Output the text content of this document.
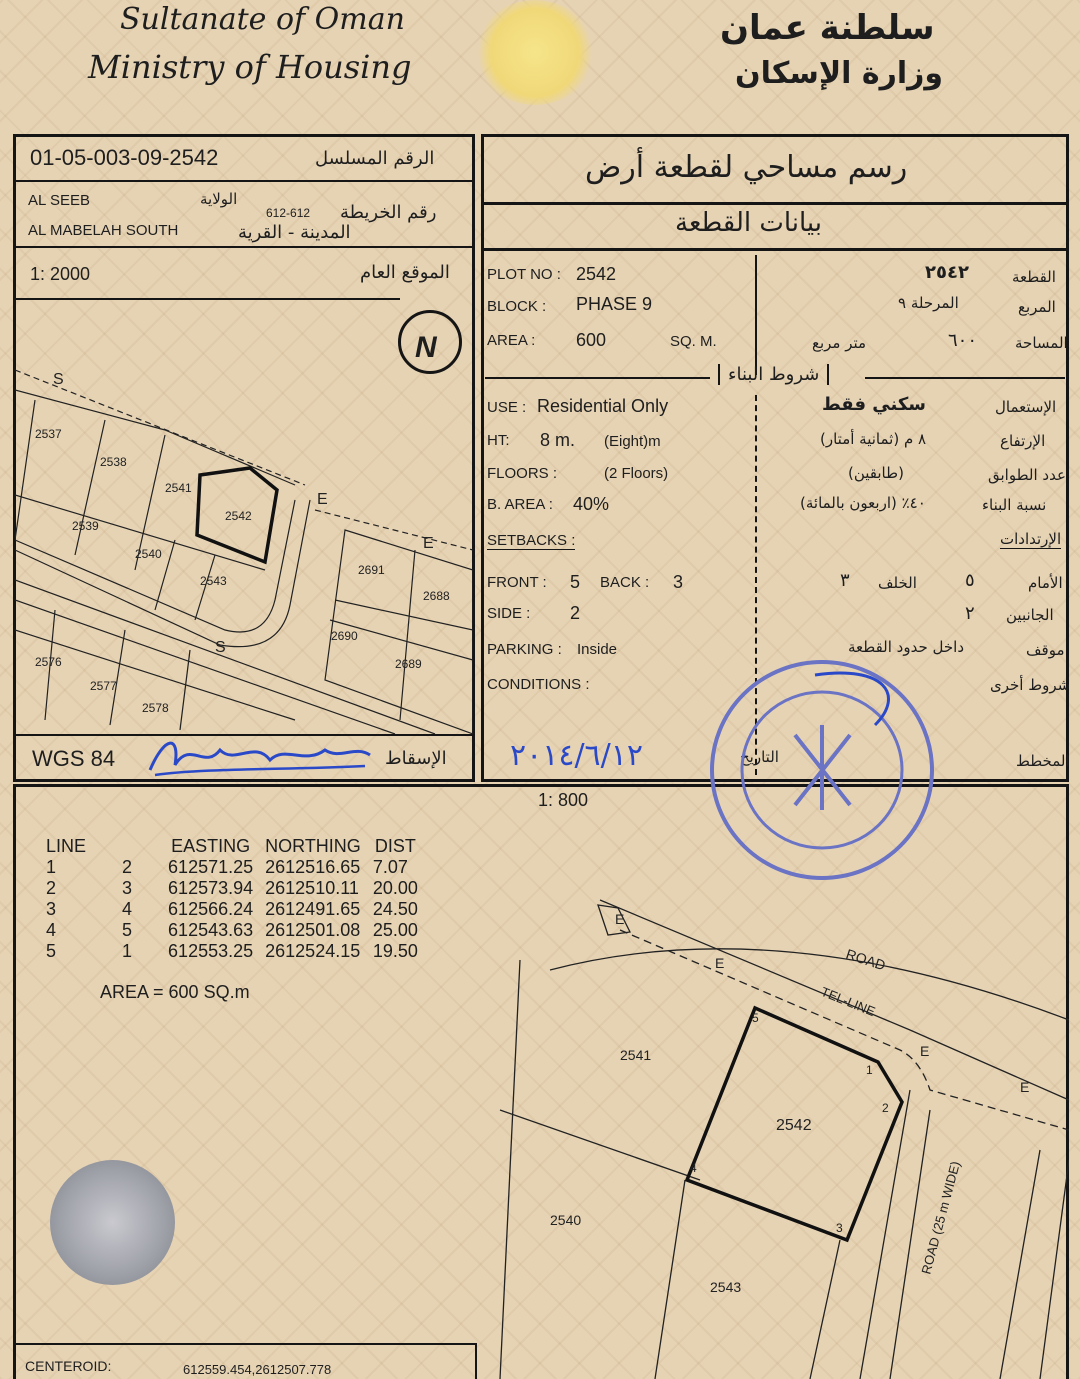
Sultanate of Oman
Ministry of Housing
سلطنة عمان
وزارة الإسكان
01-05-003-09-2542	الرقم المسلسل
AL SEEB	الولاية
612-612 رقم الخريطة
AL MABELAH SOUTH	المدينة - القرية
1: 2000	الموقع العام
N
2537
2538
2541
2542
2539
2540
2543
2691
2688
2690
2689
2576
2577
2578
S
S
E
E
WGS 84	الإسقاط
رسم مساحي لقطعة أرض
بيانات القطعة
PLOT NO : 2542	٢٥٤٢	القطعة
BLOCK : PHASE 9	المرحلة ٩	المربع
AREA : 600	SQ. M.	متر مربع	٦٠٠	المساحة
شروط البناء
USE : Residential Only	سكني فقط	الإستعمال
HT: 8 m. (Eight)m	٨ م (ثمانية أمتار)	الإرتفاع
FLOORS :	(2 Floors)	(طابقين)	عدد الطوابق
B. AREA : 40%	٤٠٪ (اربعون بالمائة)	نسبة البناء
SETBACKS :	الإرتدادات
FRONT : 5 BACK : 3	٣ الخلف	٥	الأمام
SIDE : 2	٢ الجانبين
PARKING : Inside	داخل حدود القطعة	موقف
CONDITIONS :	شروط أخرى
٢٠١٤/٦/١٢	التاريخ	المخطط
1: 800
LINE		EASTING	NORTHING	DIST
1	2	612571.25	2612516.65	7.07
2	3	612573.94	2612510.11	20.00
3	4	612566.24	2612491.65	24.50
4	5	612543.63	2612501.08	25.00
5	1	612553.25	2612524.15	19.50
AREA = 600 SQ.m
2542
2541
2540
2543
1
2
3
4
5
E
E
E
E
ROAD
TEL-LINE
ROAD (25 m WIDE)
CENTEROID:	612559.454,2612507.778
